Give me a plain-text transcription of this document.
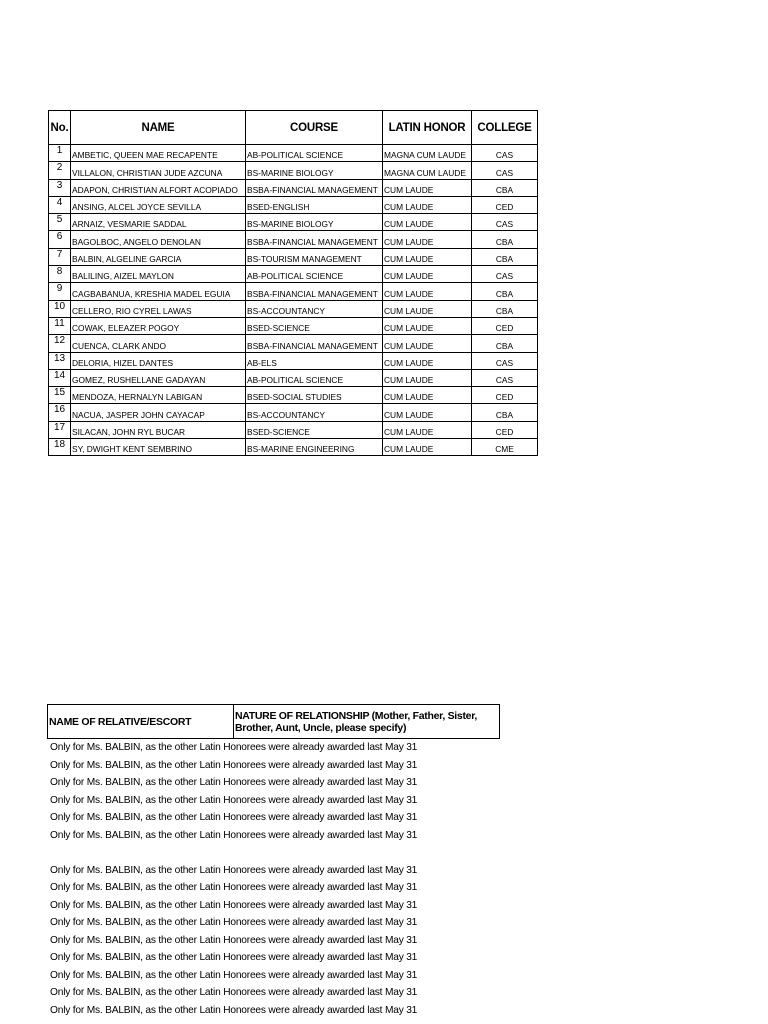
No.	NAME	COURSE	LATIN HONOR	COLLEGE
1	AMBETIC, QUEEN MAE RECAPENTE	AB-POLITICAL SCIENCE	MAGNA CUM LAUDE	CAS
2	VILLALON, CHRISTIAN JUDE AZCUNA	BS-MARINE BIOLOGY	MAGNA CUM LAUDE	CAS
3	ADAPON, CHRISTIAN ALFORT ACOPIADO	BSBA-FINANCIAL MANAGEMENT	CUM LAUDE	CBA
4	ANSING, ALCEL JOYCE SEVILLA	BSED-ENGLISH	CUM LAUDE	CED
5	ARNAIZ, VESMARIE SADDAL	BS-MARINE BIOLOGY	CUM LAUDE	CAS
6	BAGOLBOC, ANGELO DENOLAN	BSBA-FINANCIAL MANAGEMENT	CUM LAUDE	CBA
7	BALBIN, ALGELINE GARCIA	BS-TOURISM MANAGEMENT	CUM LAUDE	CBA
8	BALILING, AIZEL MAYLON	AB-POLITICAL SCIENCE	CUM LAUDE	CAS
9	CAGBABANUA, KRESHIA MADEL EGUIA	BSBA-FINANCIAL MANAGEMENT	CUM LAUDE	CBA
10	CELLERO, RIO CYREL LAWAS	BS-ACCOUNTANCY	CUM LAUDE	CBA
11	COWAK, ELEAZER POGOY	BSED-SCIENCE	CUM LAUDE	CED
12	CUENCA, CLARK ANDO	BSBA-FINANCIAL MANAGEMENT	CUM LAUDE	CBA
13	DELORIA, HIZEL DANTES	AB-ELS	CUM LAUDE	CAS
14	GOMEZ, RUSHELLANE GADAYAN	AB-POLITICAL SCIENCE	CUM LAUDE	CAS
15	MENDOZA, HERNALYN LABIGAN	BSED-SOCIAL STUDIES	CUM LAUDE	CED
16	NACUA, JASPER JOHN CAYACAP	BS-ACCOUNTANCY	CUM LAUDE	CBA
17	SILACAN, JOHN RYL BUCAR	BSED-SCIENCE	CUM LAUDE	CED
18	SY, DWIGHT KENT SEMBRINO	BS-MARINE ENGINEERING	CUM LAUDE	CME
NAME OF RELATIVE/ESCORT	NATURE OF RELATIONSHIP (Mother, Father, Sister, Brother, Aunt, Uncle, please specify)
Only for Ms. BALBIN, as the other Latin Honorees were already awarded last May 31
Only for Ms. BALBIN, as the other Latin Honorees were already awarded last May 31
Only for Ms. BALBIN, as the other Latin Honorees were already awarded last May 31
Only for Ms. BALBIN, as the other Latin Honorees were already awarded last May 31
Only for Ms. BALBIN, as the other Latin Honorees were already awarded last May 31
Only for Ms. BALBIN, as the other Latin Honorees were already awarded last May 31
Only for Ms. BALBIN, as the other Latin Honorees were already awarded last May 31
Only for Ms. BALBIN, as the other Latin Honorees were already awarded last May 31
Only for Ms. BALBIN, as the other Latin Honorees were already awarded last May 31
Only for Ms. BALBIN, as the other Latin Honorees were already awarded last May 31
Only for Ms. BALBIN, as the other Latin Honorees were already awarded last May 31
Only for Ms. BALBIN, as the other Latin Honorees were already awarded last May 31
Only for Ms. BALBIN, as the other Latin Honorees were already awarded last May 31
Only for Ms. BALBIN, as the other Latin Honorees were already awarded last May 31
Only for Ms. BALBIN, as the other Latin Honorees were already awarded last May 31
